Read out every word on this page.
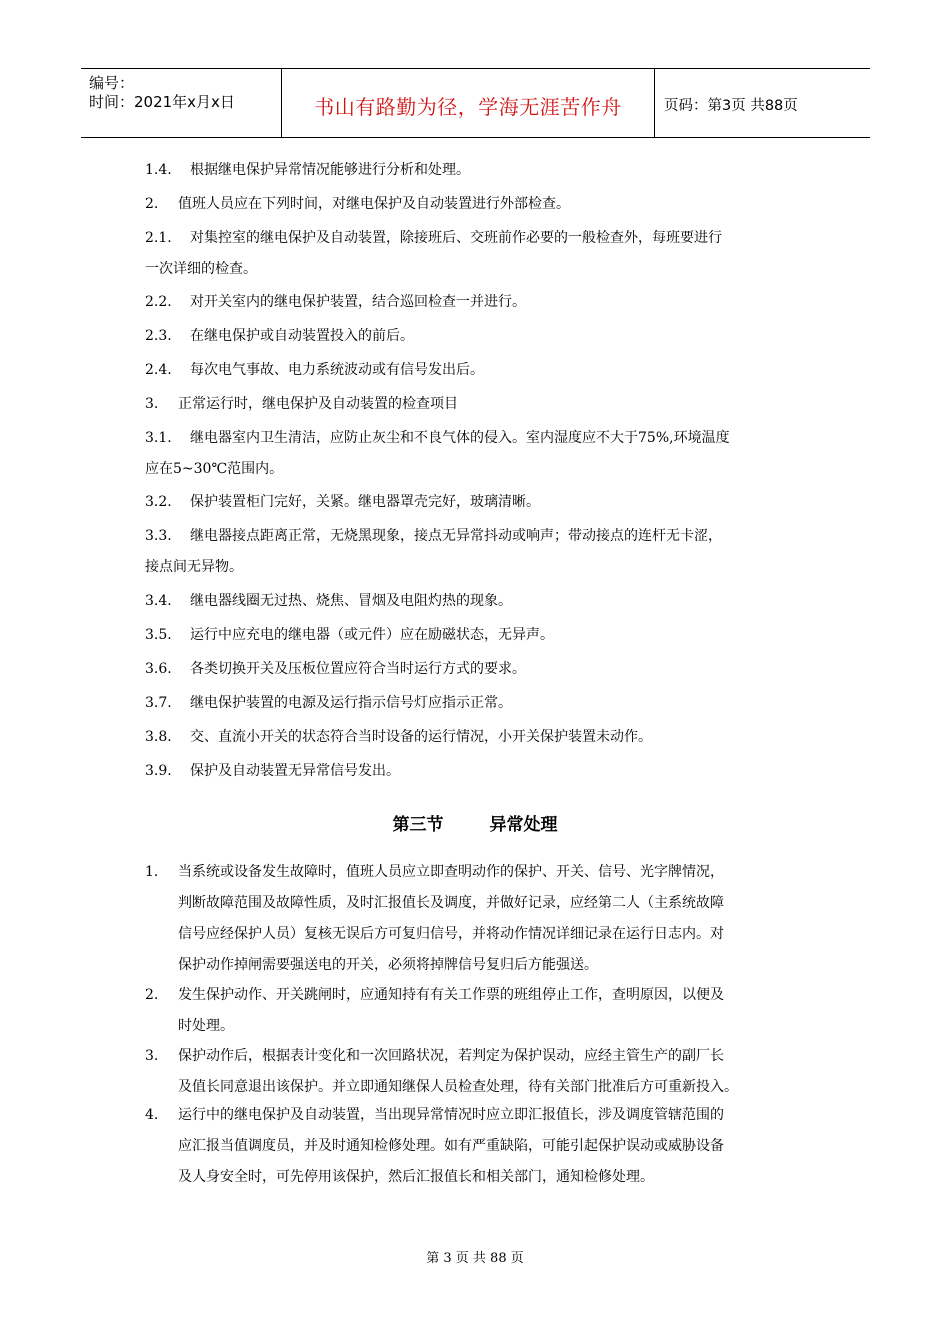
编号：
时间：2021年x月x日	书山有路勤为径，学海无涯苦作舟	页码：第3页 共88页
1.4. 根据继电保护异常情况能够进行分析和处理。
2. 值班人员应在下列时间，对继电保护及自动装置进行外部检查。
2.1. 对集控室的继电保护及自动装置，除接班后、交班前作必要的一般检查外，每班要进行
一次详细的检查。
2.2. 对开关室内的继电保护装置，结合巡回检查一并进行。
2.3. 在继电保护或自动装置投入的前后。
2.4. 每次电气事故、电力系统波动或有信号发出后。
3. 正常运行时，继电保护及自动装置的检查项目
3.1. 继电器室内卫生清洁，应防止灰尘和不良气体的侵入。室内湿度应不大于75%,环境温度
应在5~30℃范围内。
3.2. 保护装置柜门完好，关紧。继电器罩壳完好，玻璃清晰。
3.3. 继电器接点距离正常，无烧黑现象，接点无异常抖动或响声；带动接点的连杆无卡涩，
接点间无异物。
3.4. 继电器线圈无过热、烧焦、冒烟及电阻灼热的现象。
3.5. 运行中应充电的继电器（或元件）应在励磁状态，无异声。
3.6. 各类切换开关及压板位置应符合当时运行方式的要求。
3.7. 继电保护装置的电源及运行指示信号灯应指示正常。
3.8. 交、直流小开关的状态符合当时设备的运行情况，小开关保护装置未动作。
3.9. 保护及自动装置无异常信号发出。
第三节	异常处理
1. 当系统或设备发生故障时，值班人员应立即查明动作的保护、开关、信号、光字牌情况，
判断故障范围及故障性质，及时汇报值长及调度，并做好记录，应经第二人（主系统故障
信号应经保护人员）复核无误后方可复归信号，并将动作情况详细记录在运行日志内。对
保护动作掉闸需要强送电的开关，必须将掉牌信号复归后方能强送。
2. 发生保护动作、开关跳闸时，应通知持有有关工作票的班组停止工作，查明原因，以便及
时处理。
3. 保护动作后，根据表计变化和一次回路状况，若判定为保护误动，应经主管生产的副厂长
及值长同意退出该保护。并立即通知继保人员检查处理，待有关部门批准后方可重新投入。
4. 运行中的继电保护及自动装置，当出现异常情况时应立即汇报值长，涉及调度管辖范围的
应汇报当值调度员，并及时通知检修处理。如有严重缺陷，可能引起保护误动或威胁设备
及人身安全时，可先停用该保护，然后汇报值长和相关部门，通知检修处理。
第 3 页 共 88 页
